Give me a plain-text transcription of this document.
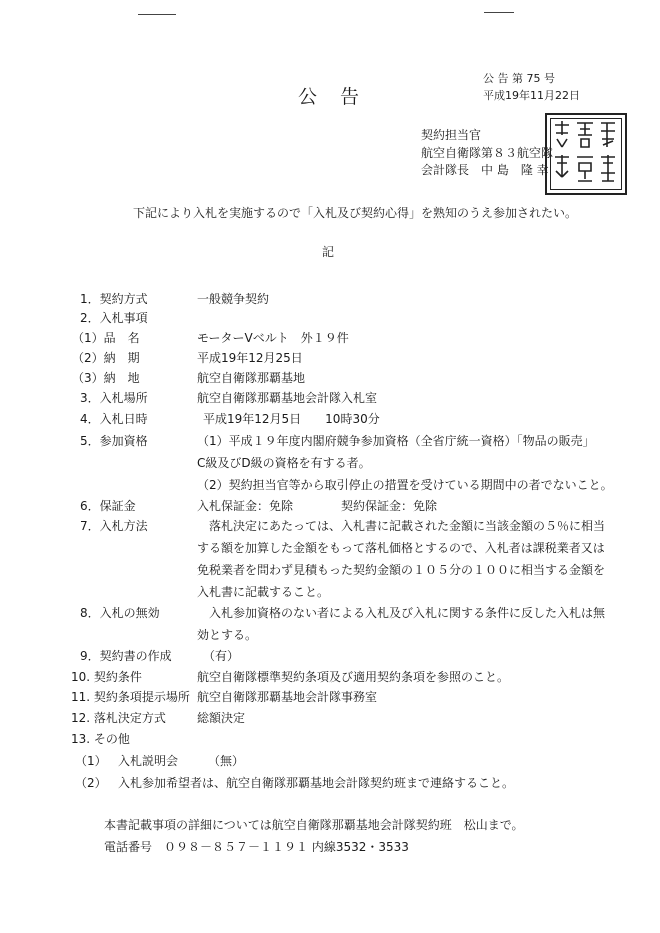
公　告
公 告 第 75 号
平成19年11月22日
契約担当官
航空自衛隊第８３航空隊
会計隊長　中 島　隆 幸
下記により入札を実施するので「入札及び契約心得」を熟知のうえ参加されたい。
記
1．契約方式	一般競争契約
2．入札事項
（1）品　名	モーターVベルト　外１９件
（2）納　期	平成19年12月25日
（3）納　地	航空自衛隊那覇基地
3．入札場所	航空自衛隊那覇基地会計隊入札室
4．入札日時	平成19年12月5日　　10時30分
5．参加資格	（1）平成１９年度内閣府競争参加資格（全省庁統一資格）「物品の販売」
C級及びD級の資格を有する者。
（2）契約担当官等から取引停止の措置を受けている期間中の者でないこと。
6．保証金	入札保証金：免除　　　　契約保証金：免除
7．入札方法	落札決定にあたっては、入札書に記載された金額に当該金額の５％に相当
する額を加算した金額をもって落札価格とするので、入札者は課税業者又は
免税業者を問わず見積もった契約金額の１０５分の１００に相当する金額を
入札書に記載すること。
8．入札の無効	入札参加資格のない者による入札及び入札に関する条件に反した入札は無
効とする。
9．契約書の作成	（有）
10. 契約条件	航空自衛隊標準契約条項及び適用契約条項を参照のこと。
11. 契約条項提示場所 航空自衛隊那覇基地会計隊事務室
12. 落札決定方式	総額決定
13. その他
（1） 入札説明会　　　（無）
（2） 入札参加希望者は、航空自衛隊那覇基地会計隊契約班まで連絡すること。
本書記載事項の詳細については航空自衛隊那覇基地会計隊契約班　松山まで。
電話番号　０９８－８５７－１１９１ 内線3532・3533
